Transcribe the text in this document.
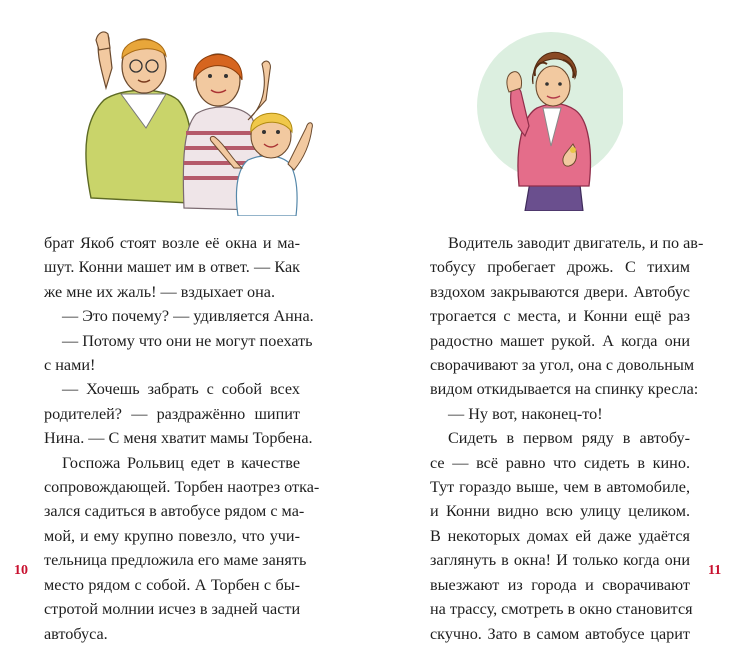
брат Якоб стоят возле её окна и ма-
шут. Конни машет им в ответ. — Как
же мне их жаль! — вздыхает она.
— Это почему? — удивляется Анна.
— Потому что они не могут поехать
с нами!
— Хочешь забрать с собой всех
родителей? — раздражённо шипит
Нина. — С меня хватит мамы Торбена.
Госпожа Рольвиц едет в качестве
сопровождающей. Торбен наотрез отка-
зался садиться в автобусе рядом с ма-
мой, и ему крупно повезло, что учи-
тельница предложила его маме занять
место рядом с собой. А Торбен с бы-
стротой молнии исчез в задней части
автобуса.
10
Водитель заводит двигатель, и по ав-
тобусу пробегает дрожь. С тихим
вздохом закрываются двери. Автобус
трогается с места, и Конни ещё раз
радостно машет рукой. А когда они
сворачивают за угол, она с довольным
видом откидывается на спинку кресла:
— Ну вот, наконец-то!
Сидеть в первом ряду в автобу-
се — всё равно что сидеть в кино.
Тут гораздо выше, чем в автомобиле,
и Конни видно всю улицу целиком.
В некоторых домах ей даже удаётся
заглянуть в окна! И только когда они
выезжают из города и сворачивают
на трассу, смотреть в окно становится
скучно. Зато в самом автобусе царит
11
